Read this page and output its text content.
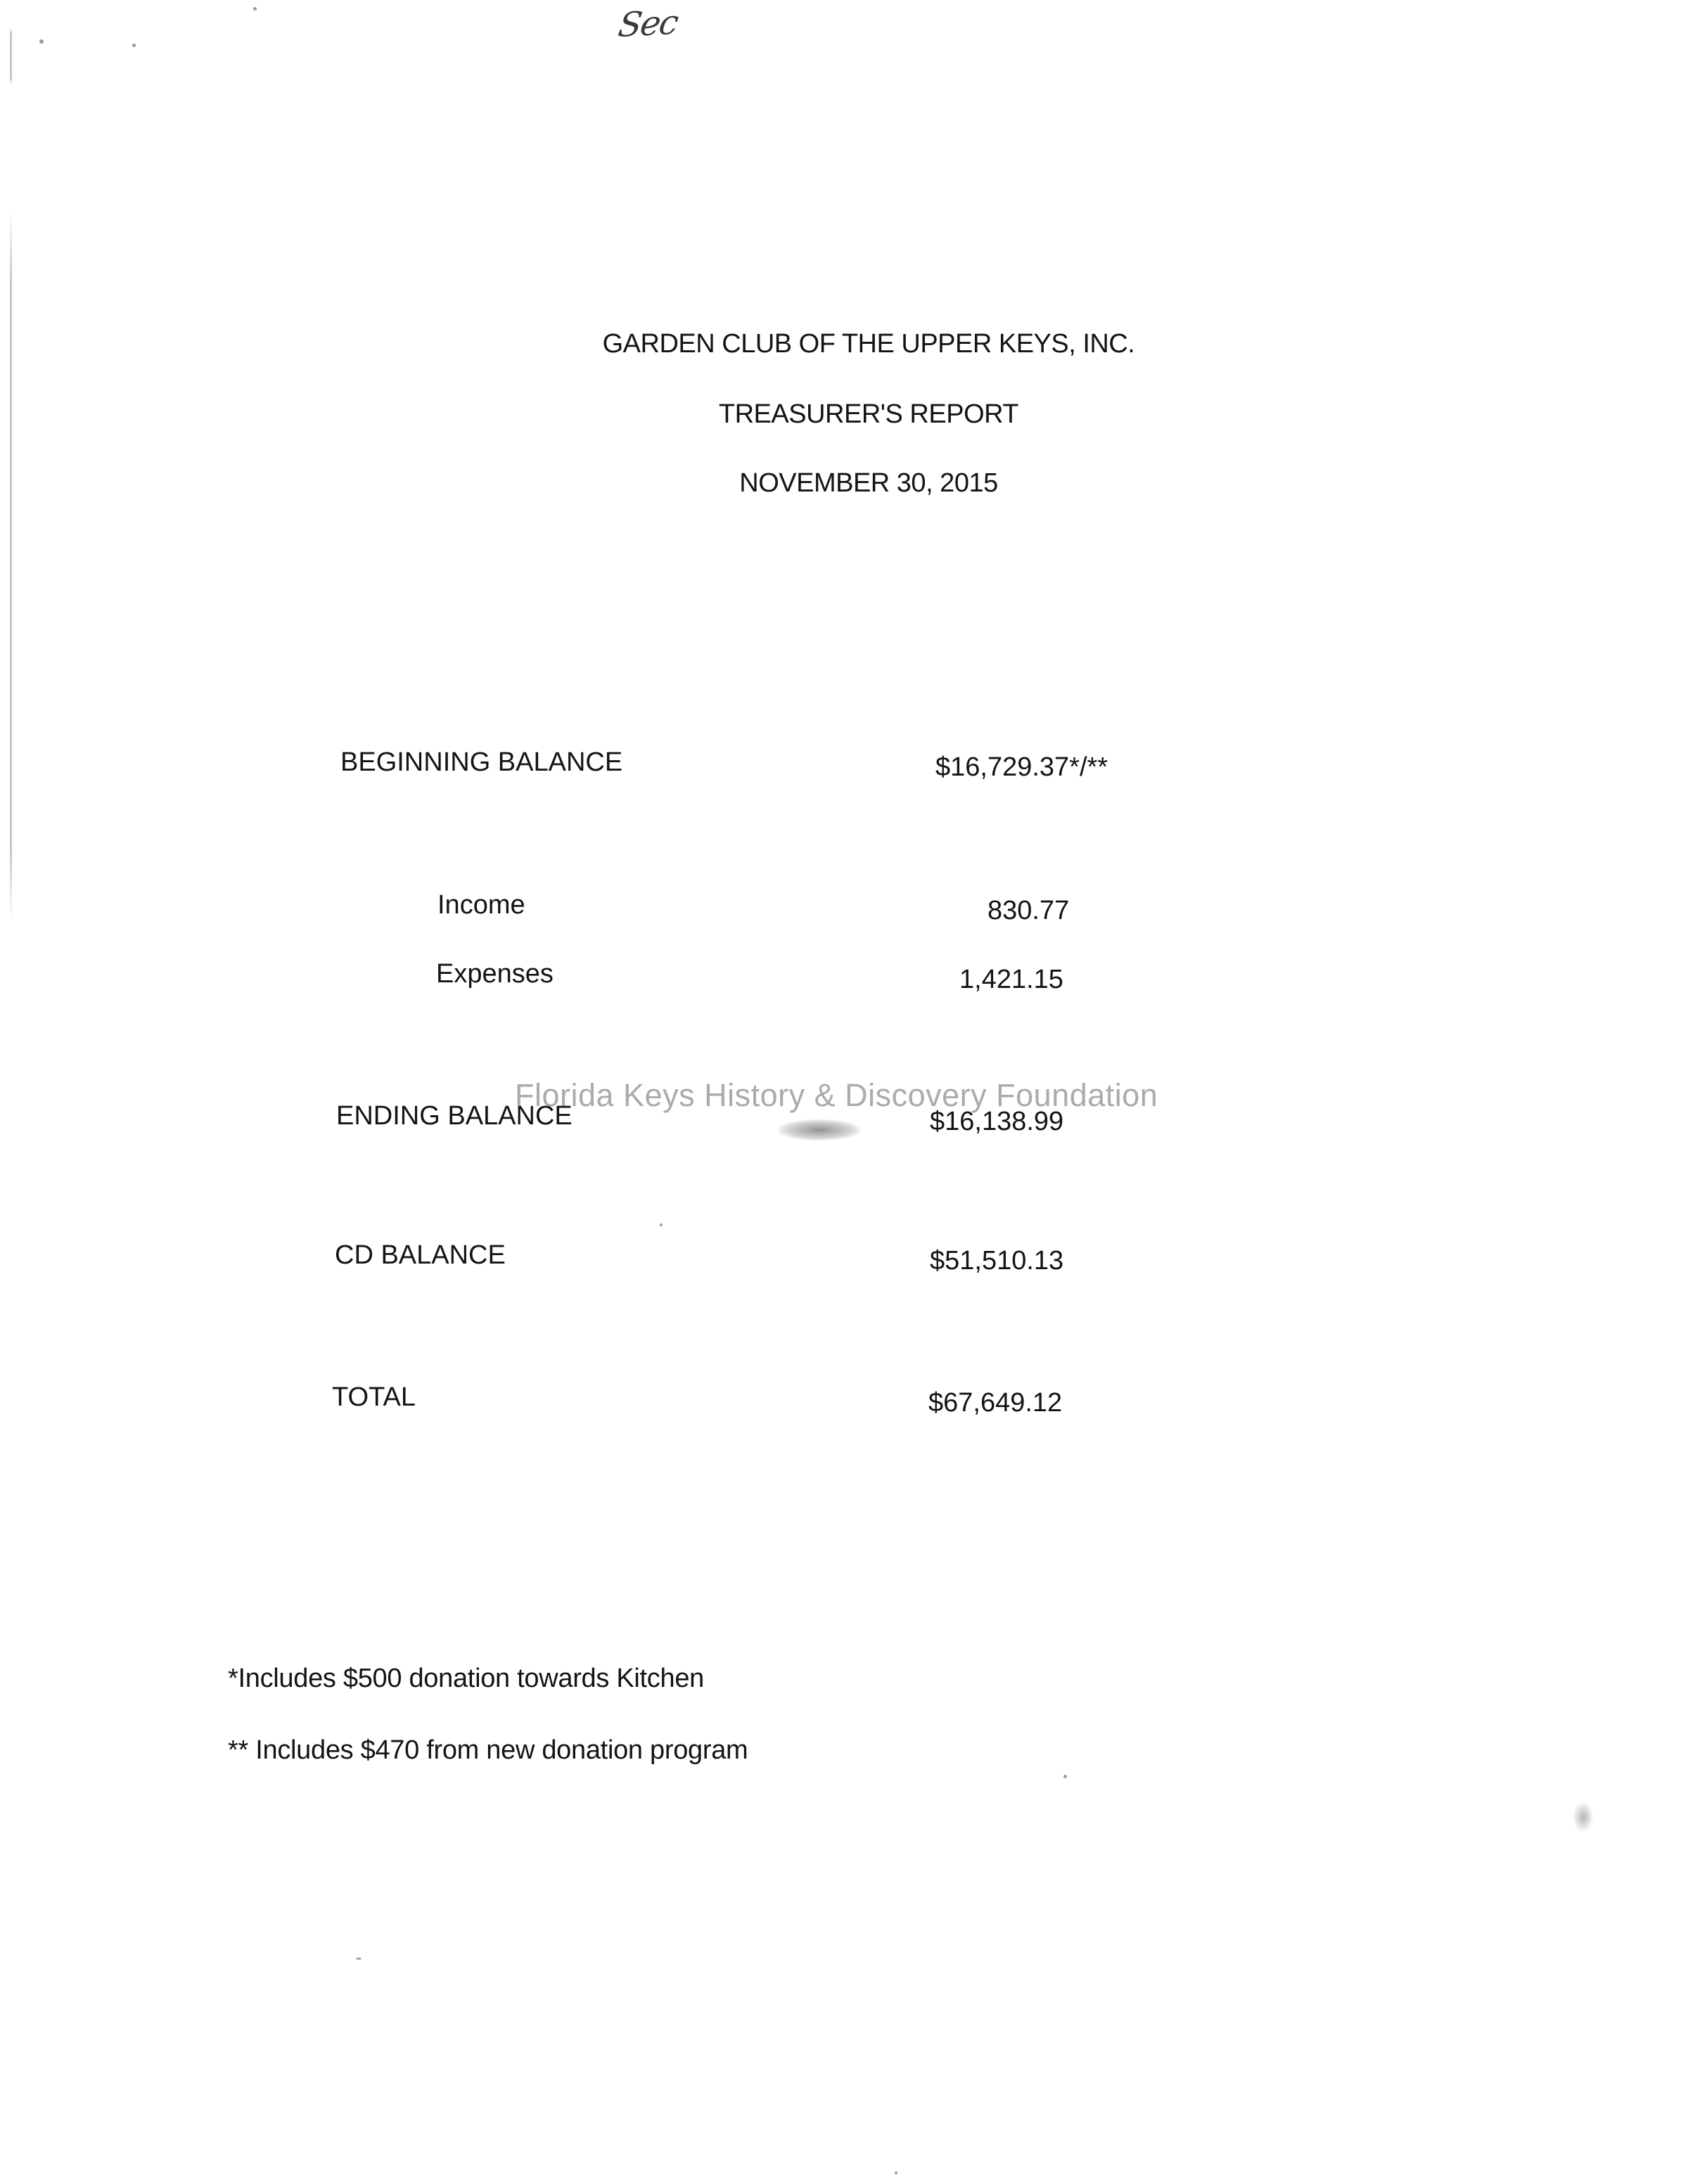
Sec
GARDEN CLUB OF THE UPPER KEYS, INC.
TREASURER'S REPORT
NOVEMBER 30, 2015
BEGINNING BALANCE	$16,729.37*/**
Income	830.77
Expenses	1,421.15
ENDING BALANCE	$16,138.99
CD BALANCE	$51,510.13
TOTAL	$67,649.12
Florida Keys History & Discovery Foundation
*Includes $500 donation towards Kitchen
** Includes $470 from new donation program
